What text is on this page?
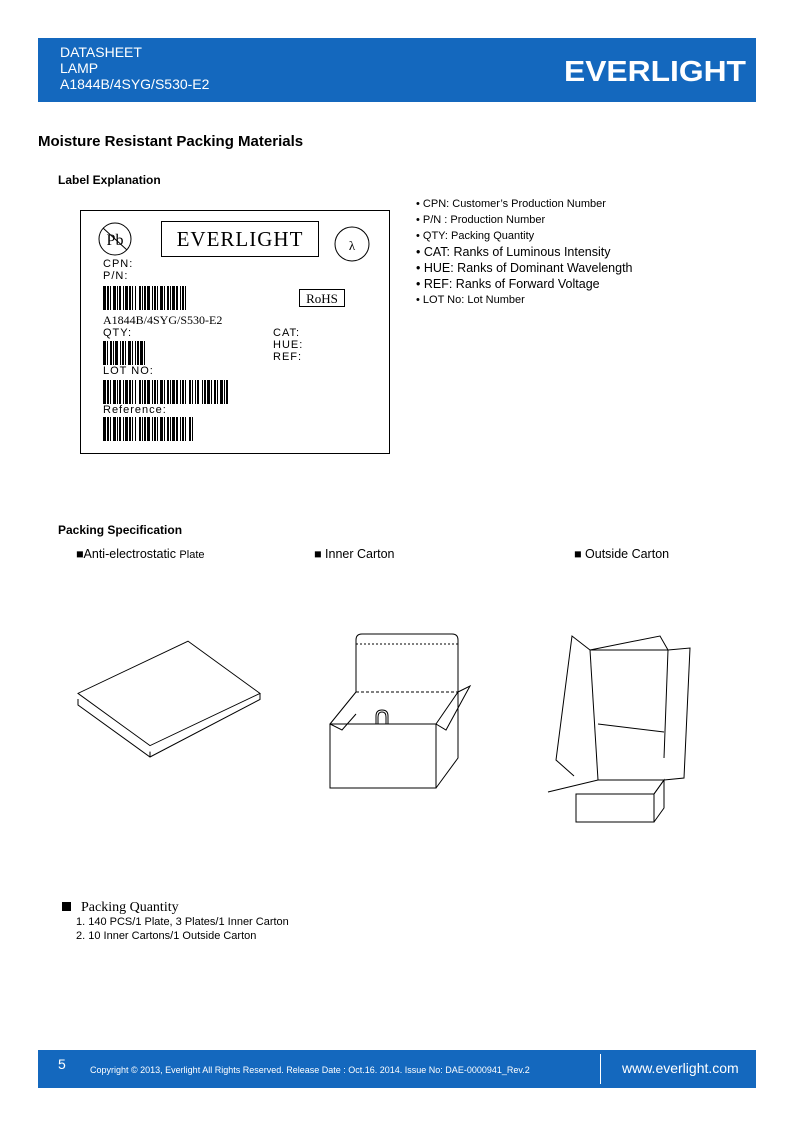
DATASHEET
LAMP
A1844B/4SYG/S530-E2	EVERLIGHT
Moisture Resistant Packing Materials
Label Explanation
Pb	EVERLIGHT	λ
CPN:
P/N:
RoHS
A1844B/4SYG/S530-E2
QTY:	CAT:
HUE:
REF:
LOT NO:
Reference:
• CPN: Customer’s Production Number
• P/N : Production Number
• QTY: Packing Quantity
• CAT: Ranks of Luminous Intensity
• HUE: Ranks of Dominant Wavelength
• REF: Ranks of Forward Voltage
• LOT No: Lot Number
Packing Specification
■Anti-electrostatic Plate	■ Inner Carton	■ Outside Carton
Packing Quantity
1. 140 PCS/1 Plate, 3 Plates/1 Inner Carton
2. 10 Inner Cartons/1 Outside Carton
5	Copyright © 2013, Everlight All Rights Reserved. Release Date : Oct.16. 2014. Issue No: DAE-0000941_Rev.2	www.everlight.com
